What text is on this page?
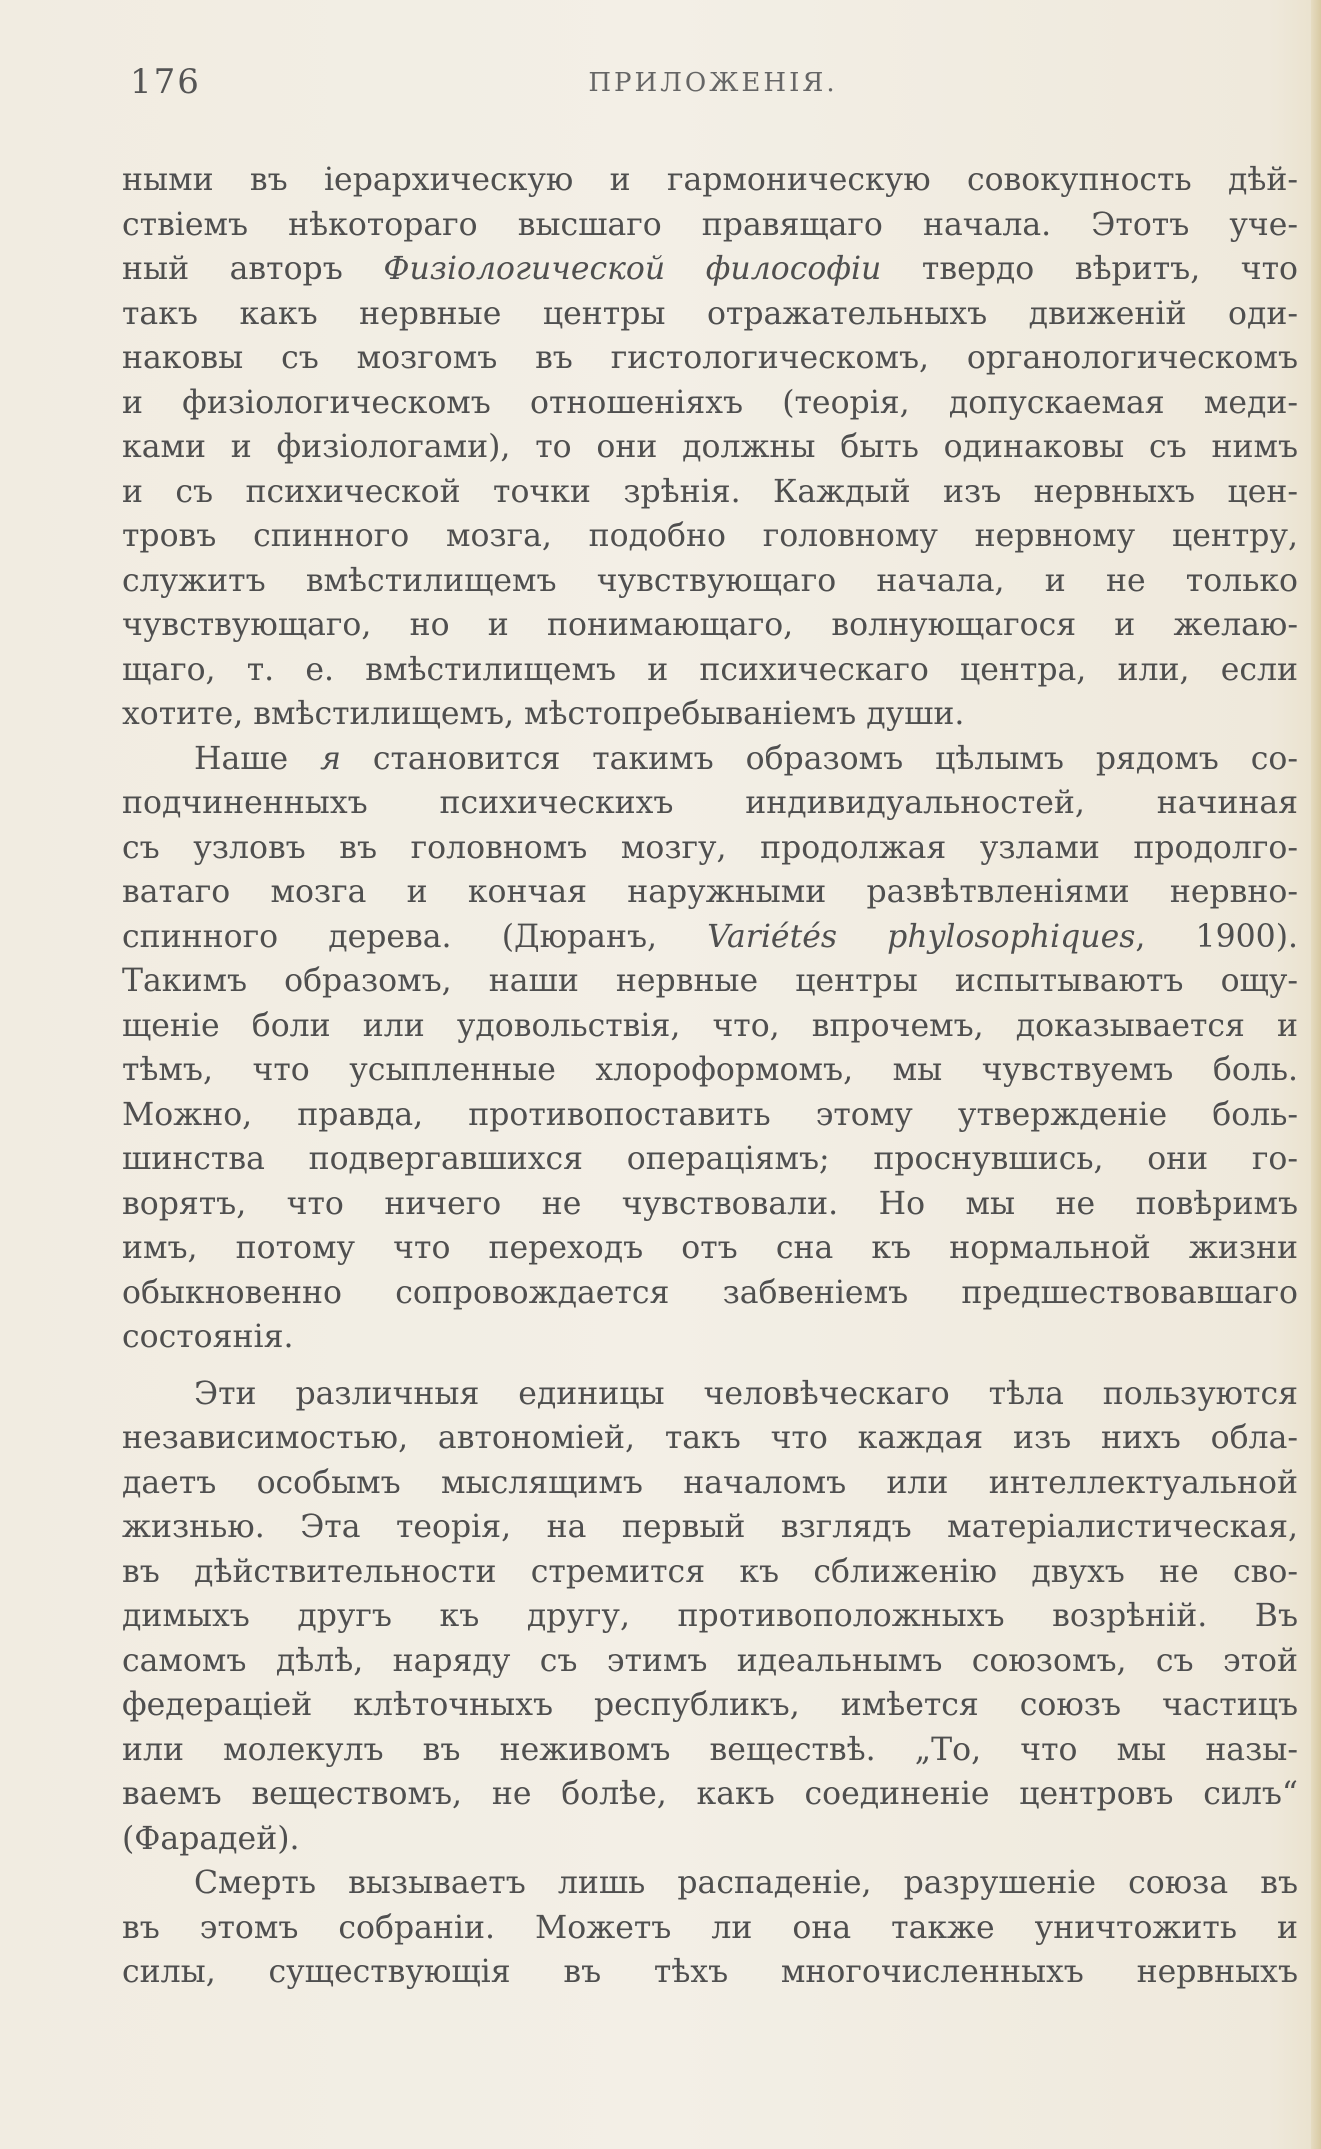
176	ПРИЛОЖЕНІЯ.
ными въ іерархическую и гармоническую совокупность дѣй-
ствіемъ нѣкотораго высшаго правящаго начала. Этотъ уче-
ный авторъ Физiологической философіи твердо вѣритъ, что
такъ какъ нервные центры отражательныхъ движеній оди-
наковы съ мозгомъ въ гистологическомъ, органологическомъ
и физіологическомъ отношеніяхъ (теорія, допускаемая меди-
ками и физіологами), то они должны быть одинаковы съ нимъ
и съ психической точки зрѣнія. Каждый изъ нервныхъ цен-
тровъ спинного мозга, подобно головному нервному центру,
служитъ вмѣстилищемъ чувствующаго начала, и не только
чувствующаго, но и понимающаго, волнующагося и желаю-
щаго, т. е. вмѣстилищемъ и психическаго центра, или, если
хотите, вмѣстилищемъ, мѣстопребываніемъ души.
Наше я становится такимъ образомъ цѣлымъ рядомъ со-
подчиненныхъ психическихъ индивидуальностей, начиная
съ узловъ въ головномъ мозгу, продолжая узлами продолго-
ватаго мозга и кончая наружными развѣтвленіями нервно-
спинного дерева. (Дюранъ, Variétés phylosophiques, 1900).
Такимъ образомъ, наши нервные центры испытываютъ ощу-
щеніе боли или удовольствія, что, впрочемъ, доказывается и
тѣмъ, что усыпленные хлороформомъ, мы чувствуемъ боль.
Можно, правда, противопоставить этому утвержденіе боль-
шинства подвергавшихся операціямъ; проснувшись, они го-
ворятъ, что ничего не чувствовали. Но мы не повѣримъ
имъ, потому что переходъ отъ сна къ нормальной жизни
обыкновенно сопровождается забвеніемъ предшествовавшаго
состоянія.
Эти различныя единицы человѣческаго тѣла пользуются
независимостью, автономіей, такъ что каждая изъ нихъ обла-
даетъ особымъ мыслящимъ началомъ или интеллектуальной
жизнью. Эта теорія, на первый взглядъ матеріалистическая,
въ дѣйствительности стремится къ сближенію двухъ не сво-
димыхъ другъ къ другу, противоположныхъ возрѣній. Въ
самомъ дѣлѣ, наряду съ этимъ идеальнымъ союзомъ, съ этой
федераціей клѣточныхъ республикъ, имѣется союзъ частицъ
или молекулъ въ неживомъ веществѣ. „То, что мы назы-
ваемъ веществомъ, не болѣе, какъ соединеніе центровъ силъ“
(Фарадей).
Смерть вызываетъ лишь распаденіе, разрушеніе союза въ
въ этомъ собраніи. Можетъ ли она также уничтожить и
силы, существующія въ тѣхъ многочисленныхъ нервныхъ
